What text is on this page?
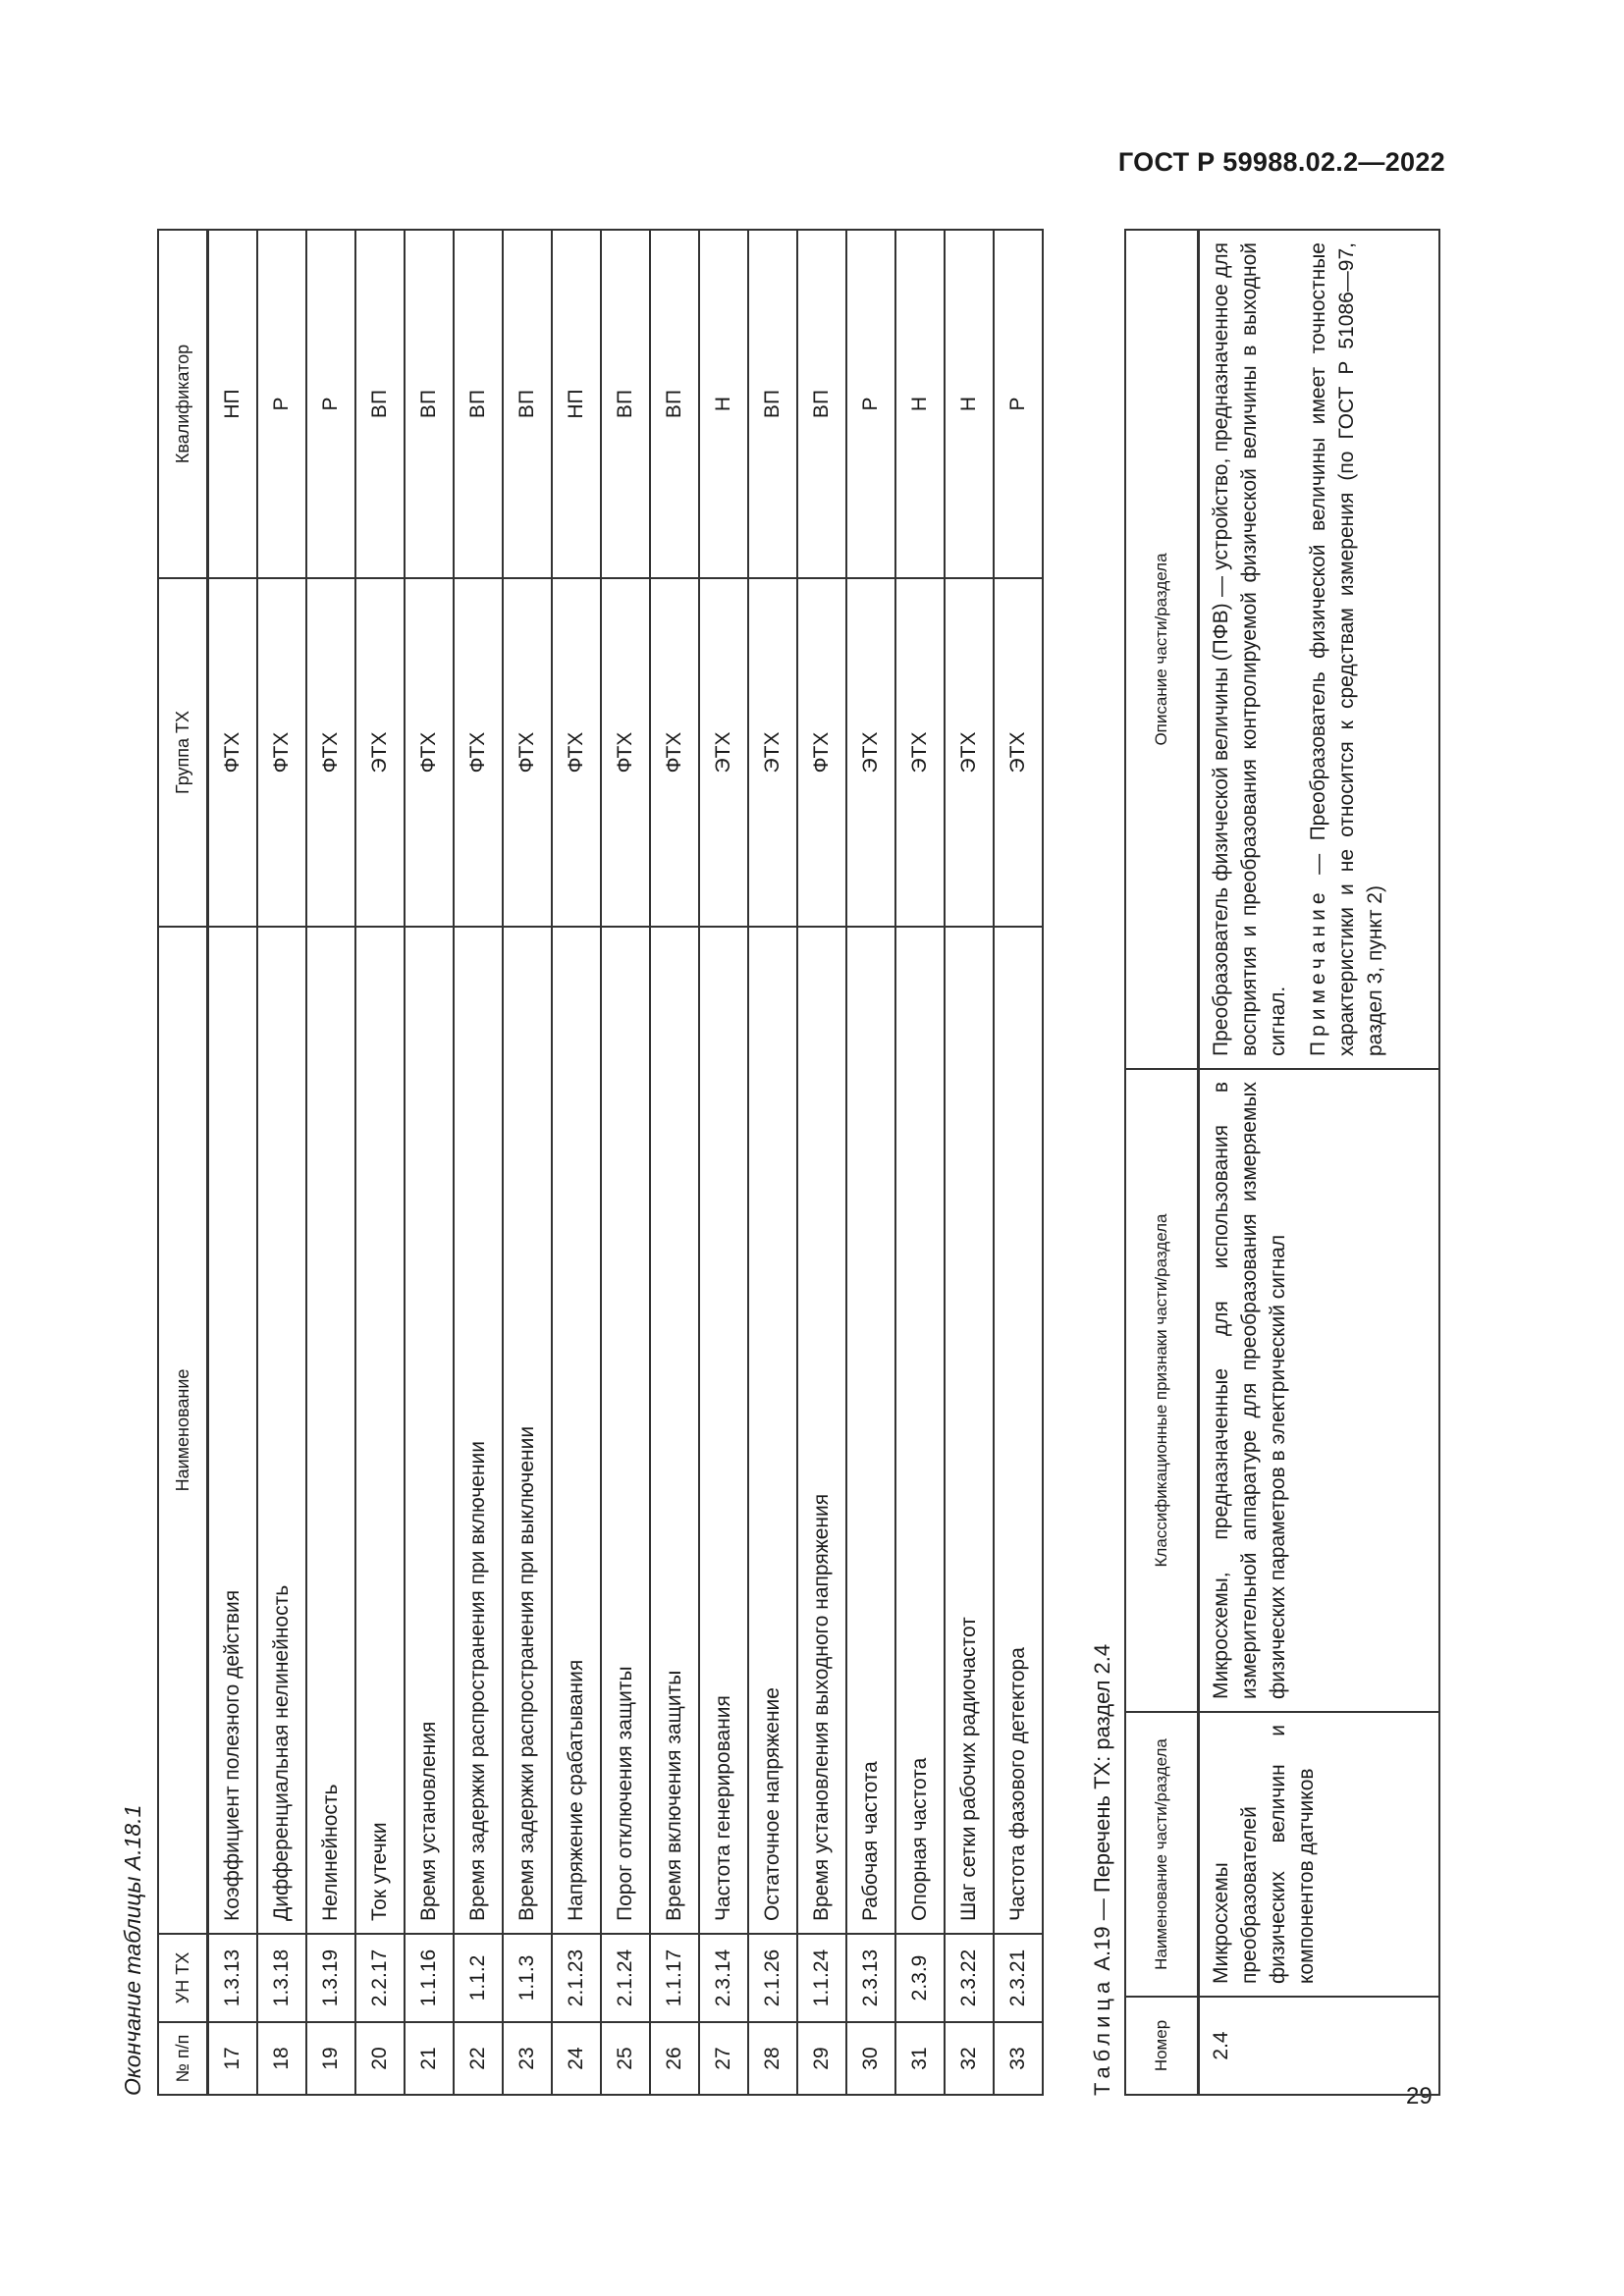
ГОСТ Р 59988.02.2—2022
29
Окончание таблицы А.18.1 № п/п	УН ТХ	Наименование	Группа ТХ	Квалификатор
17	1.3.13	Коэффициент полезного действия	ФТХ	НП
18	1.3.18	Дифференциальная нелинейность	ФТХ	Р
19	1.3.19	Нелинейность	ФТХ	Р
20	2.2.17	Ток утечки	ЭТХ	ВП
21	1.1.16	Время установления	ФТХ	ВП
22	1.1.2	Время задержки распространения при включении	ФТХ	ВП
23	1.1.3	Время задержки распространения при выключении	ФТХ	ВП
24	2.1.23	Напряжение срабатывания	ФТХ	НП
25	2.1.24	Порог отключения защиты	ФТХ	ВП
26	1.1.17	Время включения защиты	ФТХ	ВП
27	2.3.14	Частота генерирования	ЭТХ	Н
28	2.1.26	Остаточное напряжение	ЭТХ	ВП
29	1.1.24	Время установления выходного напряжения	ФТХ	ВП
30	2.3.13	Рабочая частота	ЭТХ	Р
31	2.3.9	Опорная частота	ЭТХ	Н
32	2.3.22	Шаг сетки рабочих радиочастот	ЭТХ	Н
33	2.3.21	Частота фазового детектора	ЭТХ	Р
Таблица А.19 — Перечень ТХ: раздел 2.4
Номер	Наименование части/раздела	Классификационные признаки части/раздела	Описание части/раздела
2.4	Микросхемы преобразователей физических величин и компонентов датчиков	Микросхемы, предназначенные для использования в измерительной аппаратуре для преобразования измеряемых физических параметров в электрический сигнал	Преобразователь физической величины (ПФВ) — устройство, предназначенное для восприятия и преобразования контролируемой физической величины в выходной сигнал. Примечание — Преобразователь физической величины имеет точностные характеристики и не относится к средствам измерения (по ГОСТ Р 51086—97, раздел 3, пункт 2)
